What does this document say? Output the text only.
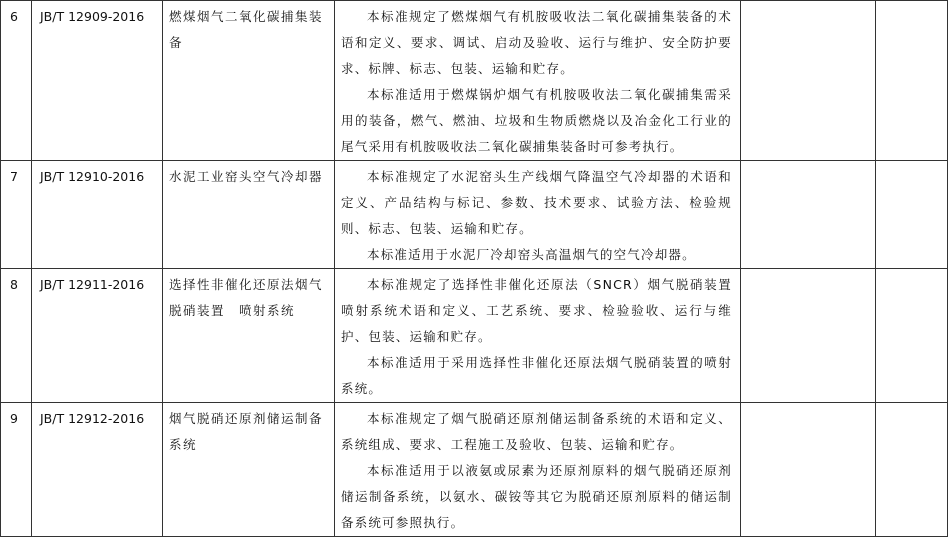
6	JB/T 12909-2016	燃煤烟气二氧化碳捕集装备	本标准规定了燃煤烟气有机胺吸收法二氧化碳捕集装备的术语和定义、要求、调试、启动及验收、运行与维护、安全防护要求、标牌、标志、包装、运输和贮存。
本标准适用于燃煤锅炉烟气有机胺吸收法二氧化碳捕集需采用的装备，燃气、燃油、垃圾和生物质燃烧以及冶金化工行业的尾气采用有机胺吸收法二氧化碳捕集装备时可参考执行。		

7	JB/T 12910-2016	水泥工业窑头空气冷却器	本标准规定了水泥窑头生产线烟气降温空气冷却器的术语和定义、产品结构与标记、参数、技术要求、试验方法、检验规则、标志、包装、运输和贮存。
本标准适用于水泥厂冷却窑头高温烟气的空气冷却器。		

8	JB/T 12911-2016	选择性非催化还原法烟气脱硝装置　喷射系统	本标准规定了选择性非催化还原法（SNCR）烟气脱硝装置喷射系统术语和定义、工艺系统、要求、检验验收、运行与维护、包装、运输和贮存。
本标准适用于采用选择性非催化还原法烟气脱硝装置的喷射系统。		

9	JB/T 12912-2016	烟气脱硝还原剂储运制备系统	本标准规定了烟气脱硝还原剂储运制备系统的术语和定义、系统组成、要求、工程施工及验收、包装、运输和贮存。
本标准适用于以液氨或尿素为还原剂原料的烟气脱硝还原剂储运制备系统，以氨水、碳铵等其它为脱硝还原剂原料的储运制备系统可参照执行。		
